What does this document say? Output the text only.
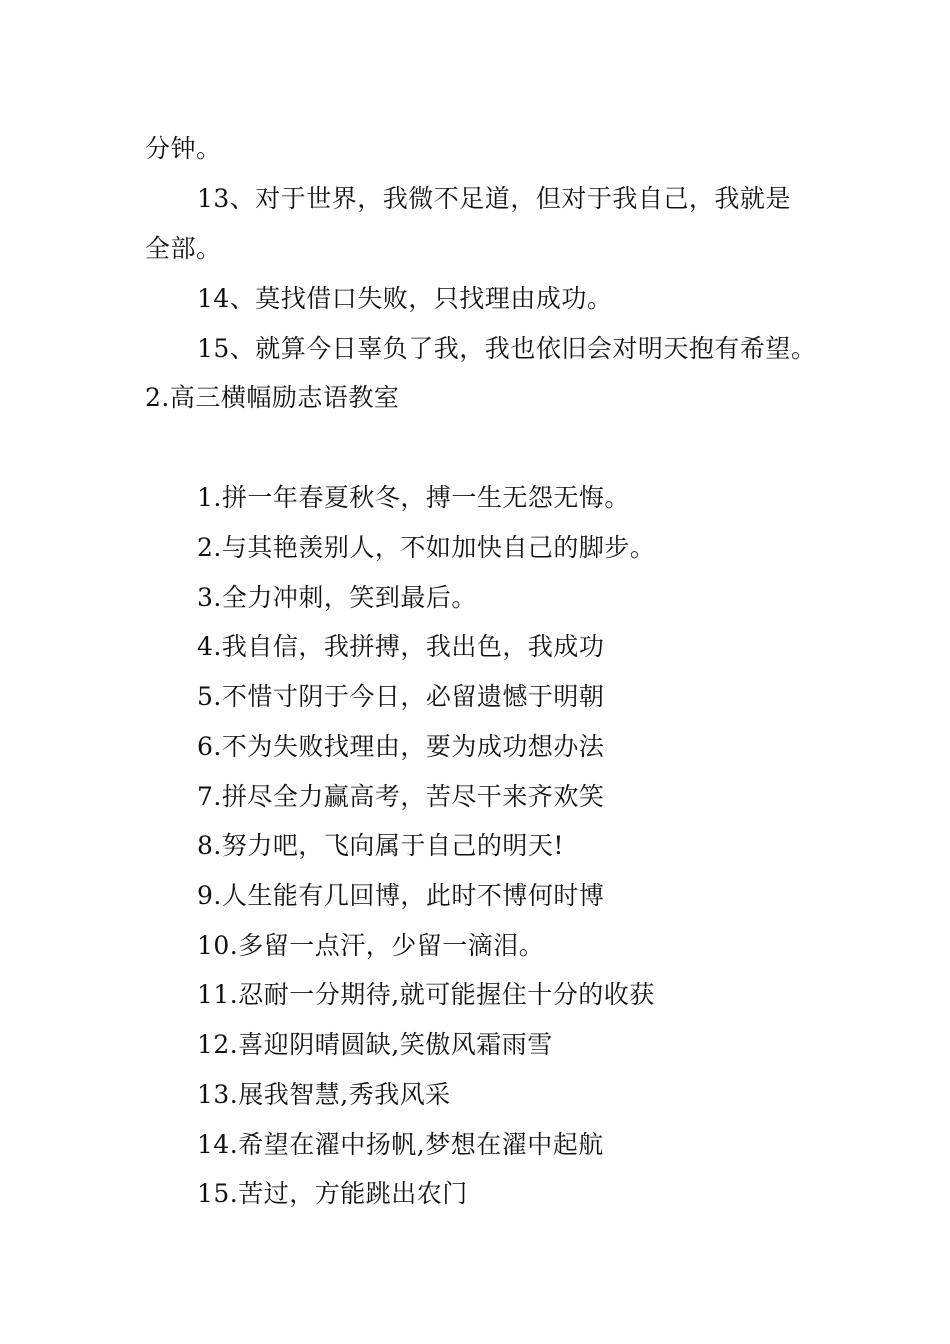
分钟。
13、对于世界，我微不足道，但对于我自己，我就是
全部。
14、莫找借口失败，只找理由成功。
15、就算今日辜负了我，我也依旧会对明天抱有希望。
2.高三横幅励志语教室
1.拼一年春夏秋冬，搏一生无怨无悔。
2.与其艳羡别人，不如加快自己的脚步。
3.全力冲刺，笑到最后。
4.我自信，我拼搏，我出色，我成功
5.不惜寸阴于今日，必留遗憾于明朝
6.不为失败找理由，要为成功想办法
7.拼尽全力赢高考，苦尽干来齐欢笑
8.努力吧，飞向属于自己的明天!
9.人生能有几回博，此时不博何时博
10.多留一点汗，少留一滴泪。
11.忍耐一分期待,就可能握住十分的收获
12.喜迎阴晴圆缺,笑傲风霜雨雪
13.展我智慧,秀我风采
14.希望在濯中扬帆,梦想在濯中起航
15.苦过，方能跳出农门
